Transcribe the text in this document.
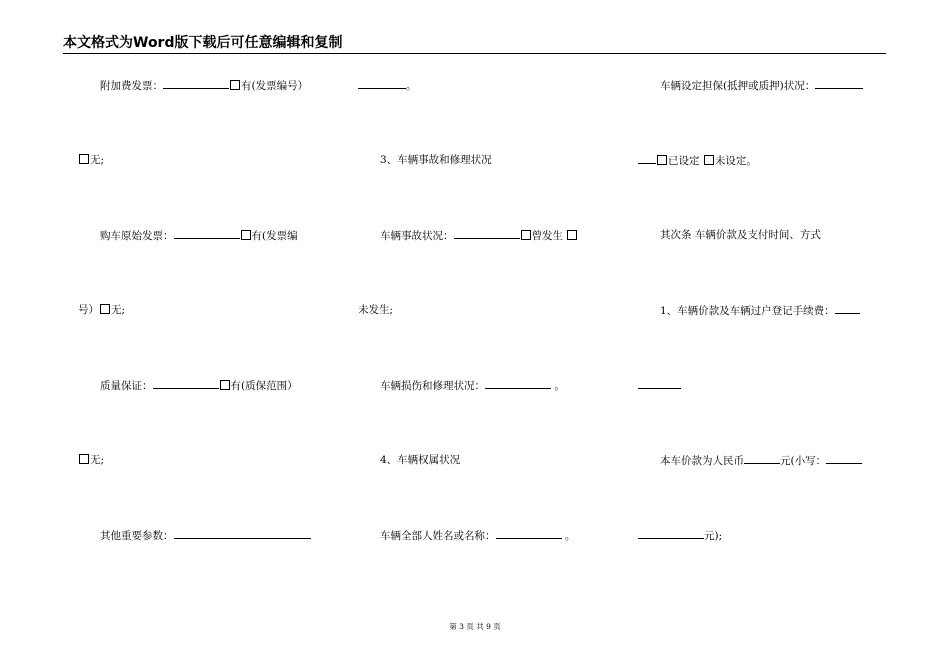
本文格式为Word版下载后可任意编辑和复制
附加费发票：	有(发票编号）
无;
购车原始发票：	有(发票编
号） 无;
质量保证：	有(质保范围）
无;
其他重要参数：
。
3、车辆事故和修理状况
车辆事故状况：	曾发生
未发生;
车辆损伤和修理状况：	。
4、车辆权属状况
车辆全部人姓名或名称：	。
车辆设定担保(抵押或质押)状况：
已设定 未设定。
其次条 车辆价款及支付时间、方式
1、车辆价款及车辆过户登记手续费：
本车价款为人民币	元(小写：
元);
第 3 页 共 9 页
